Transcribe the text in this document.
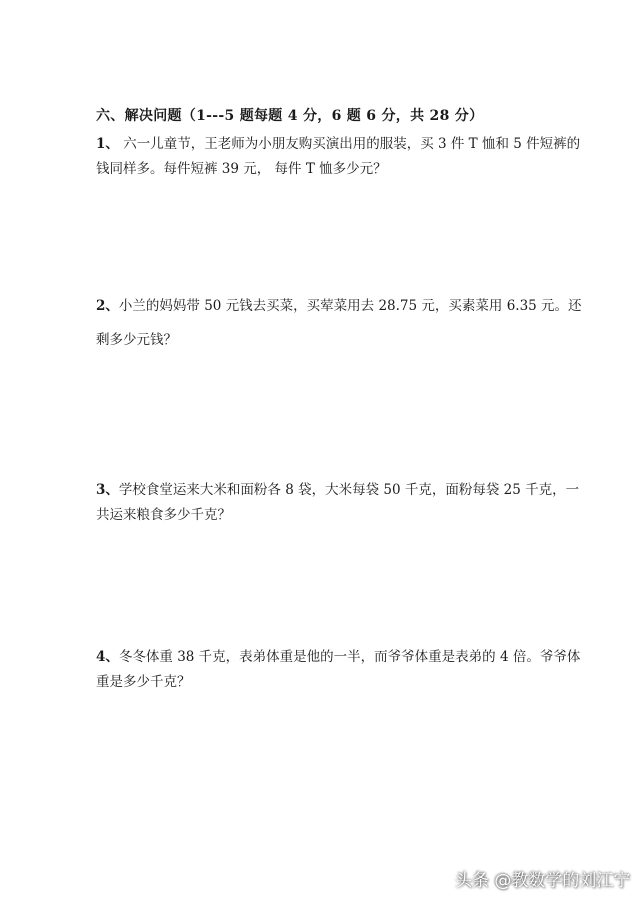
六、解决问题（1---5 题每题 4 分，6 题 6 分，共 28 分）
1、 六一儿童节，王老师为小朋友购买演出用的服装，买 3 件 T 恤和 5 件短裤的
钱同样多。每件短裤 39 元， 每件 T 恤多少元？
2、小兰的妈妈带 50 元钱去买菜，买荤菜用去 28.75 元，买素菜用 6.35 元。还
剩多少元钱？
3、学校食堂运来大米和面粉各 8 袋，大米每袋 50 千克，面粉每袋 25 千克，一
共运来粮食多少千克？
4、冬冬体重 38 千克，表弟体重是他的一半，而爷爷体重是表弟的 4 倍。爷爷体
重是多少千克？
头条 @教数学的刘江宁
